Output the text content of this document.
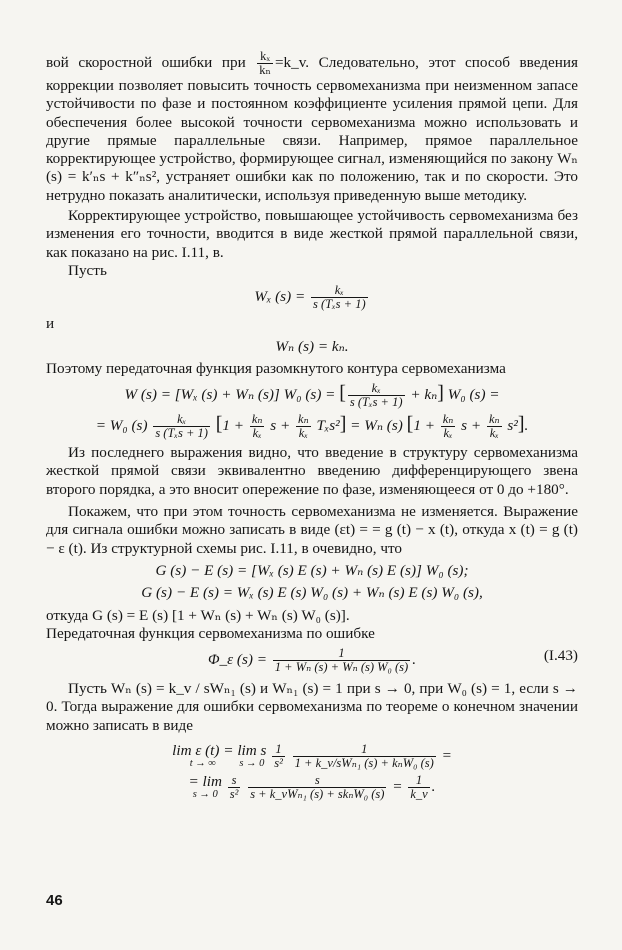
вой скоростной ошибки при $\frac{\text{kₓ}}{\text{kₙ}}$ =k_v. Следовательно, этот способ введения коррекции позволяет повысить точность сервомеханизма при неизменном запасе устойчивости по фазе и постоянном коэффициенте усиления прямой цепи. Для обеспечения более высокой точности сервомеханизма можно использовать и другие прямые параллельные связи. Например, прямое параллельное корректирующее устройство, формирующее сигнал, изменяющийся по закону Wₙ (s) = k′ₙs + k″ₙs², устраняет ошибки как по положению, так и по скорости. Это нетрудно показать аналитически, используя приведенную выше методику.

Корректирующее устройство, повышающее устойчивость сервомеханизма без изменения его точности, вводится в виде жесткой прямой параллельной связи, как показано на рис. I.11, в.

Пусть

Wₓ $(s) = \frac{\text{kₓ}}{\text{s (Tₓs + 1)}}$

и

Wₙ (s) = kₙ.

Поэтому передаточная функция разомкнутого контура сервомеханизма

W (s) = [Wₓ (s) + Wₙ (s)] W₀ (s) = [ $\frac{\text{kₓ}}{\text{s (Tₓs + 1)}} + k_n$] W₀ (s) =
= W₀ $(s) \frac{\text{kₓ}}{\text{s (Tₓs + 1)}} [1 + \frac{\text{kₙ}}{\text{kₓ}}$ $s + \frac{\text{kₙ}}{\text{kₓ}} T_xs^2] = W_n$ (s) [$1 + \frac{\text{kₙ}}{\text{kₓ}}$ $s + \frac{\text{kₙ}}{\text{kₓ}} s^2$].

Из последнего выражения видно, что введение в структуру сервомеханизма жесткой прямой связи эквивалентно введению дифференцирующего звена второго порядка, а это вносит опережение по фазе, изменяющееся от 0 до +180°.

Покажем, что при этом точность сервомеханизма не изменяется. Выражение для сигнала ошибки можно записать в виде (εt) = = g (t) − x (t), откуда x (t) = g (t) − ε (t). Из структурной схемы рис. I.11, в очевидно, что

G (s) − E (s) = [Wₓ (s) E (s) + Wₙ (s) E (s)] W₀ (s);
G (s) − E (s) = Wₓ (s) E (s) W₀ (s) + Wₙ (s) E (s) W₀ (s),

откуда G (s) = E (s) [1 + Wₙ (s) + Wₙ (s) W₀ (s)].

Передаточная функция сервомеханизма по ошибке

Φ_ε $(s) = \frac{1}{\text{1 + Wₙ (s) + Wₙ (s) W₀ (s)}}$ .	(I.43)

Пусть Wₙ (s) = k_v / sWₙ₁ (s) и Wₙ₁ (s) = 1 при s → 0, при W₀ (s) = 1, если s → 0. Тогда выражение для ошибки сервомеханизма по теореме о конечном значении можно записать в виде

lim ε (t) =
t → ∞
lim s
s → 0
$\frac{1}{\text{s²}}$
$\frac{1}{\text{1 + k\_v/sWₙ₁ (s) + kₙW₀ (s)}}$ =
= lim
s → 0
$\frac{s}{\text{s²}}$
$\frac{s}{\text{s + k\_vWₙ₁ (s) + skₙW₀ (s)}} = \frac{1}{k\_v}$ .
46
